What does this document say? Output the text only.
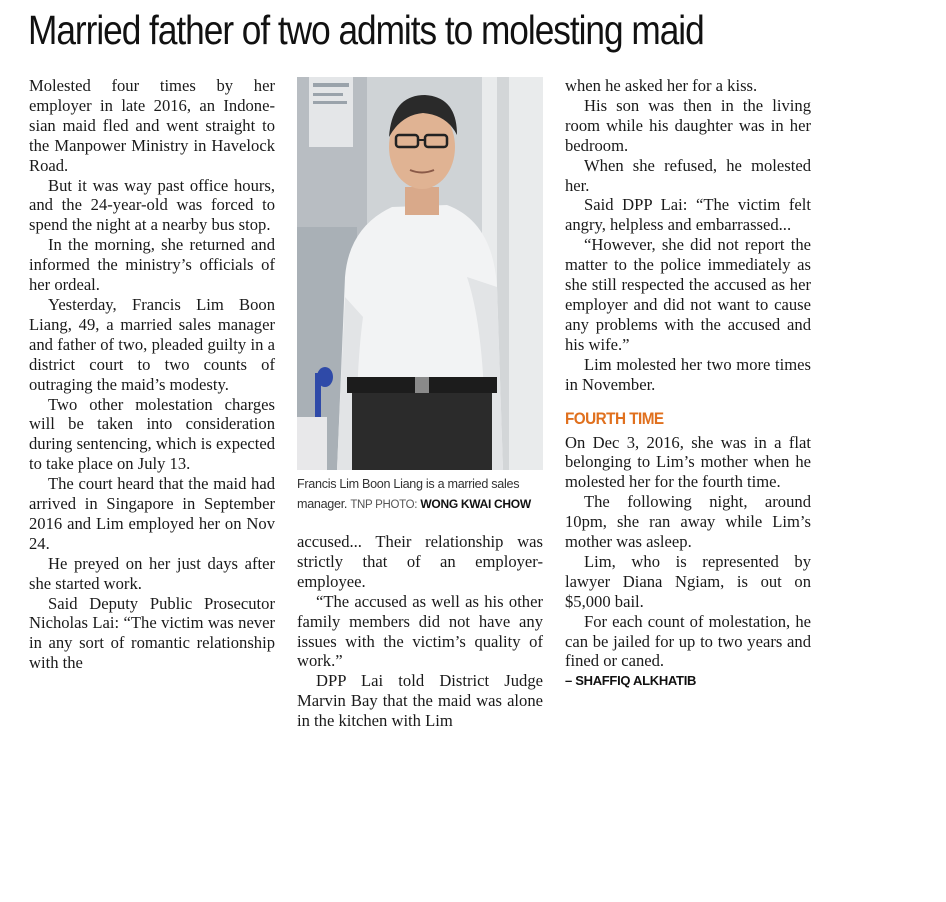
Married father of two admits to molesting maid

Molested four times by her employer in late 2016, an Indonesian maid fled and went straight to the Manpower Ministry in Havelock Road.

But it was way past office hours, and the 24-year-old was forced to spend the night at a nearby bus stop.

In the morning, she returned and informed the ministry’s officials of her ordeal.

Yesterday, Francis Lim Boon Liang, 49, a married sales manager and father of two, pleaded guilty in a district court to two counts of outraging the maid’s modesty.

Two other molestation charges will be taken into consideration during sentencing, which is expected to take place on July 13.

The court heard that the maid had arrived in Singapore in September 2016 and Lim employed her on Nov 24.

He preyed on her just days after she started work.

Said Deputy Public Prosecutor Nicholas Lai: “The victim was never in any sort of romantic relationship with the

Francis Lim Boon Liang is a married sales manager. TNP PHOTO: WONG KWAI CHOW

accused... Their relationship was strictly that of an employer-employee.

“The accused as well as his other family members did not have any issues with the victim’s quality of work.”

DPP Lai told District Judge Marvin Bay that the maid was alone in the kitchen with Lim

when he asked her for a kiss.

His son was then in the living room while his daughter was in her bedroom.

When she refused, he molested her.

Said DPP Lai: “The victim felt angry, helpless and embarrassed...

“However, she did not report the matter to the police immediately as she still respected the accused as her employer and did not want to cause any problems with the accused and his wife.”

Lim molested her two more times in November.

FOURTH TIME

On Dec 3, 2016, she was in a flat belonging to Lim’s mother when he molested her for the fourth time.

The following night, around 10pm, she ran away while Lim’s mother was asleep.

Lim, who is represented by lawyer Diana Ngiam, is out on $5,000 bail.

For each count of molestation, he can be jailed for up to two years and fined or caned.

– SHAFFIQ ALKHATIB
